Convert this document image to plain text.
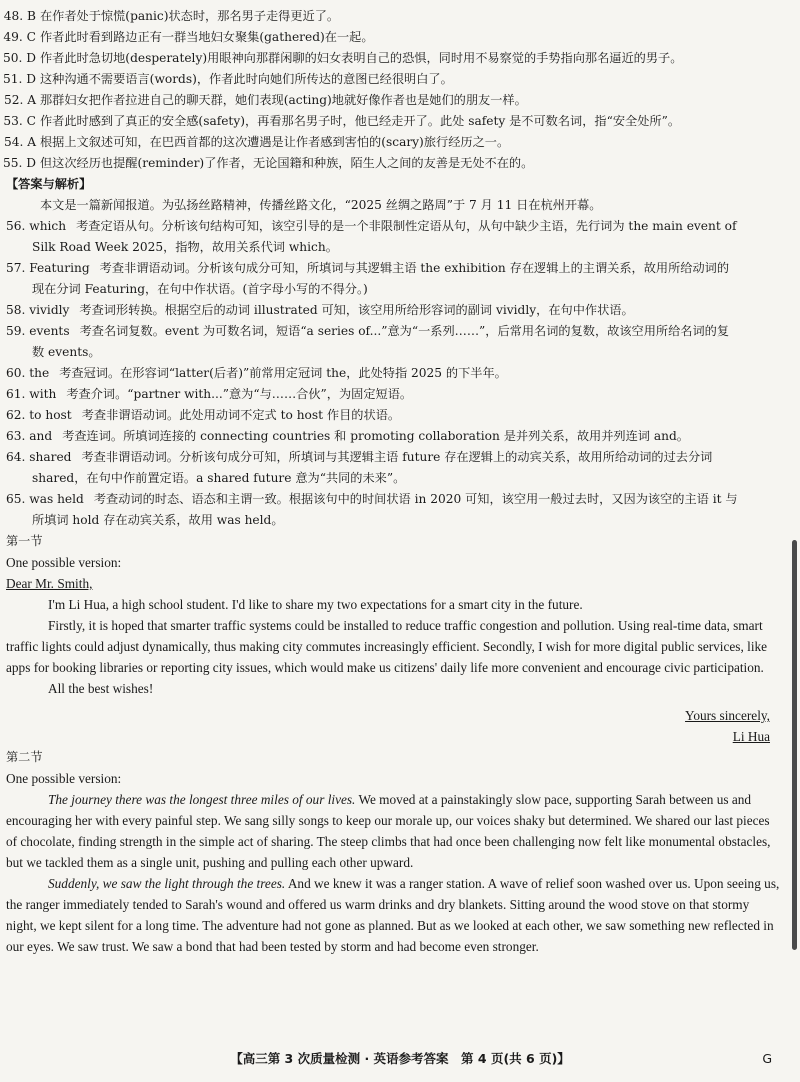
48. B 在作者处于惊慌(panic)状态时，那名男子走得更近了。
49. C 作者此时看到路边正有一群当地妇女聚集(gathered)在一起。
50. D 作者此时急切地(desperately)用眼神向那群闲聊的妇女表明自己的恐惧，同时用不易察觉的手势指向那名逼近的男子。
51. D 这种沟通不需要语言(words)，作者此时向她们所传达的意图已经很明白了。
52. A 那群妇女把作者拉进自己的聊天群，她们表现(acting)地就好像作者也是她们的朋友一样。
53. C 作者此时感到了真正的安全感(safety)，再看那名男子时，他已经走开了。此处 safety 是不可数名词，指“安全处所”。
54. A 根据上文叙述可知，在巴西首都的这次遭遇是让作者感到害怕的(scary)旅行经历之一。
55. D 但这次经历也提醒(reminder)了作者，无论国籍和种族，陌生人之间的友善是无处不在的。
【答案与解析】
本文是一篇新闻报道。为弘扬丝路精神，传播丝路文化，“2025 丝绸之路周”于 7 月 11 日在杭州开幕。
56. which 考查定语从句。分析该句结构可知，该空引导的是一个非限制性定语从句，从句中缺少主语，先行词为 the main event of
Silk Road Week 2025，指物，故用关系代词 which。
57. Featuring 考查非谓语动词。分析该句成分可知，所填词与其逻辑主语 the exhibition 存在逻辑上的主谓关系，故用所给动词的
现在分词 Featuring，在句中作状语。(首字母小写的不得分。)
58. vividly 考查词形转换。根据空后的动词 illustrated 可知，该空用所给形容词的副词 vividly，在句中作状语。
59. events 考查名词复数。event 为可数名词，短语“a series of...”意为“一系列……”，后常用名词的复数，故该空用所给名词的复
数 events。
60. the 考查冠词。在形容词“latter(后者)”前常用定冠词 the，此处特指 2025 的下半年。
61. with 考查介词。“partner with...”意为“与……合伙”，为固定短语。
62. to host 考查非谓语动词。此处用动词不定式 to host 作目的状语。
63. and 考查连词。所填词连接的 connecting countries 和 promoting collaboration 是并列关系，故用并列连词 and。
64. shared 考查非谓语动词。分析该句成分可知，所填词与其逻辑主语 future 存在逻辑上的动宾关系，故用所给动词的过去分词
shared，在句中作前置定语。a shared future 意为“共同的未来”。
65. was held 考查动词的时态、语态和主谓一致。根据该句中的时间状语 in 2020 可知，该空用一般过去时，又因为该空的主语 it 与
所填词 hold 存在动宾关系，故用 was held。
第一节
One possible version:
Dear Mr. Smith,
I'm Li Hua, a high school student. I'd like to share my two expectations for a smart city in the future.
Firstly, it is hoped that smarter traffic systems could be installed to reduce traffic congestion and pollution. Using real-time data, smart traffic lights could adjust dynamically, thus making city commutes increasingly efficient. Secondly, I wish for more digital public services, like apps for booking libraries or reporting city issues, which would make us citizens' daily life more convenient and encourage civic participation.
All the best wishes!
Yours sincerely,
Li Hua
第二节
One possible version:
The journey there was the longest three miles of our lives. We moved at a painstakingly slow pace, supporting Sarah between us and encouraging her with every painful step. We sang silly songs to keep our morale up, our voices shaky but determined. We shared our last pieces of chocolate, finding strength in the simple act of sharing. The steep climbs that had once been challenging now felt like monumental obstacles, but we tackled them as a single unit, pushing and pulling each other upward.
Suddenly, we saw the light through the trees. And we knew it was a ranger station. A wave of relief soon washed over us. Upon seeing us, the ranger immediately tended to Sarah's wound and offered us warm drinks and dry blankets. Sitting around the wood stove on that stormy night, we kept silent for a long time. The adventure had not gone as planned. But as we looked at each other, we saw something new reflected in our eyes. We saw trust. We saw a bond that had been tested by storm and had become even stronger.
【高三第 3 次质量检测 · 英语参考答案　第 4 页(共 6 页)】	G
